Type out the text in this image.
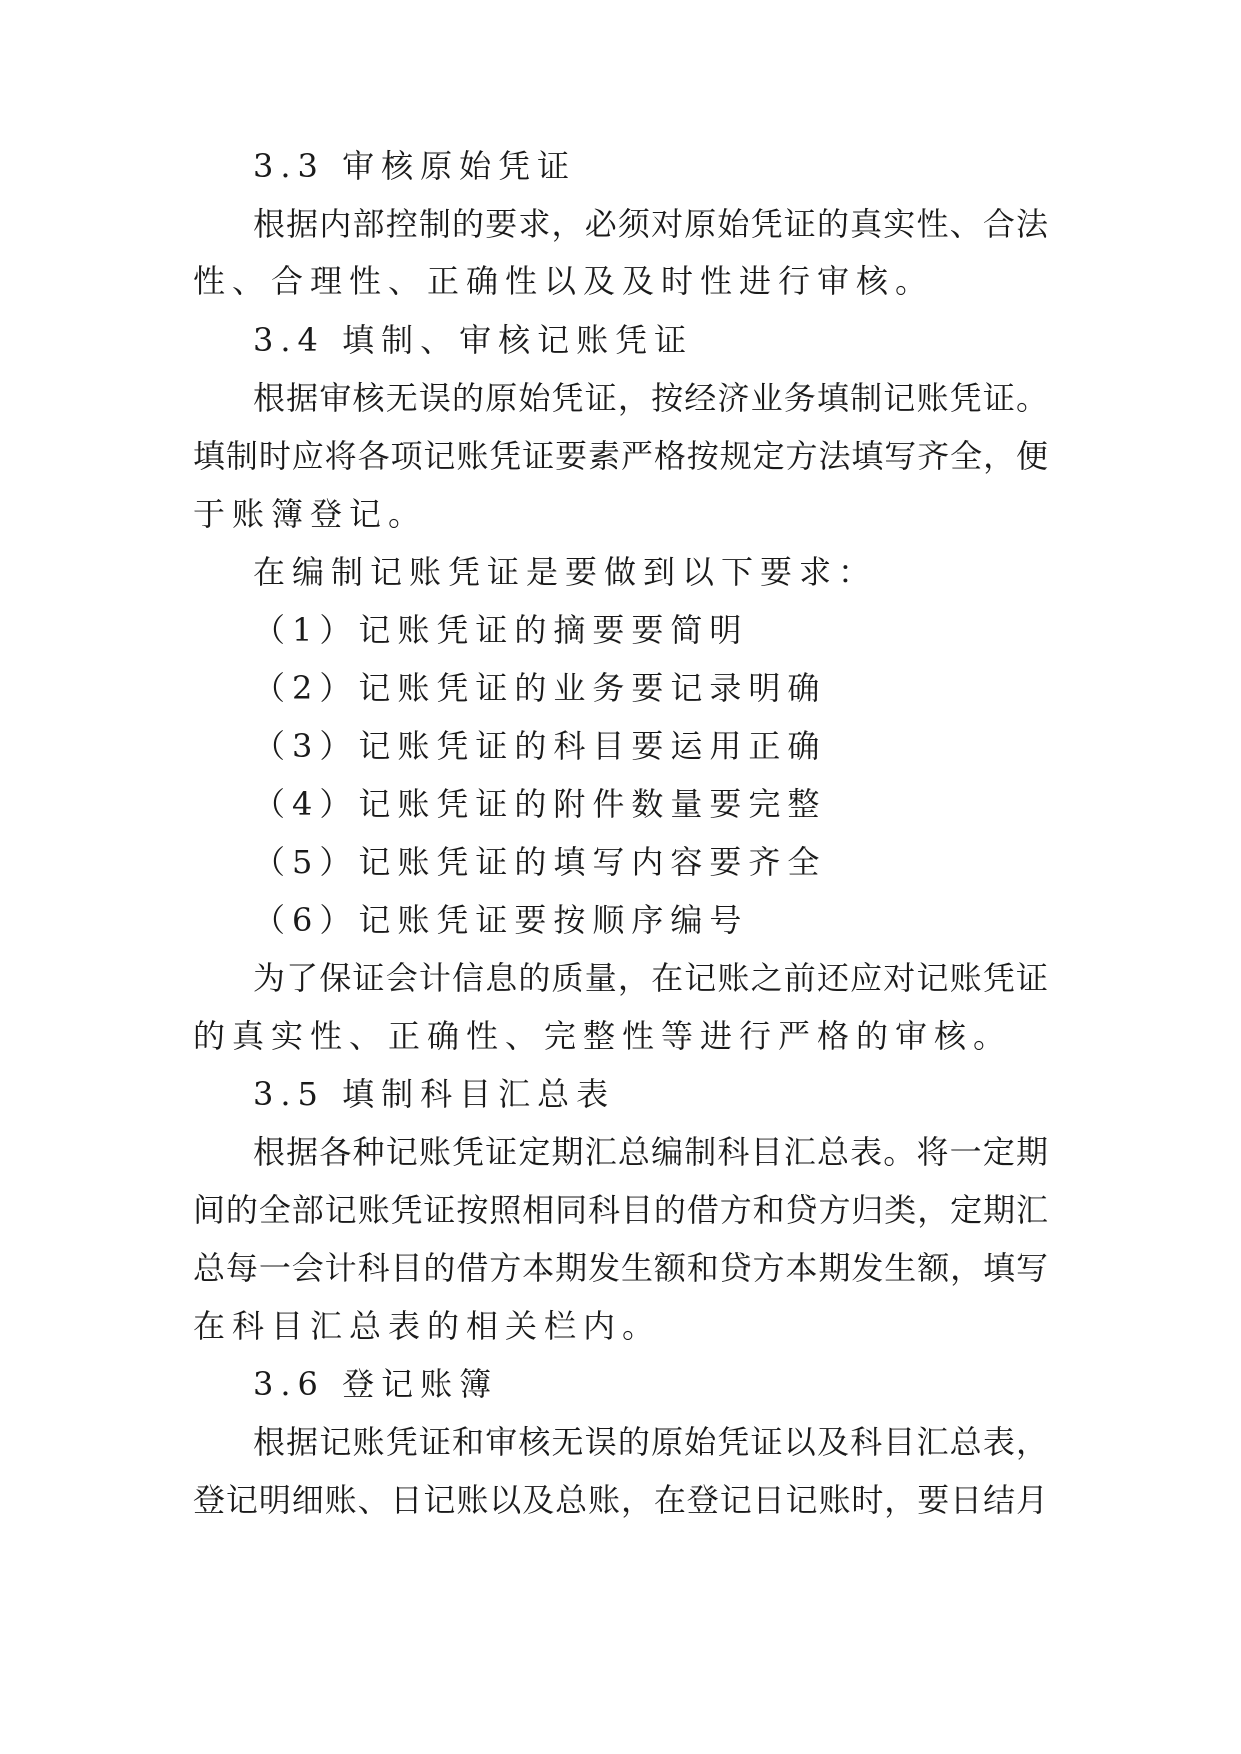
3.3 审核原始凭证
根据内部控制的要求，必须对原始凭证的真实性、合法
性、合理性、正确性以及及时性进行审核。
3.4 填制、审核记账凭证
根据审核无误的原始凭证，按经济业务填制记账凭证。
填制时应将各项记账凭证要素严格按规定方法填写齐全，便
于账簿登记。
在编制记账凭证是要做到以下要求：
（1）记账凭证的摘要要简明
（2）记账凭证的业务要记录明确
（3）记账凭证的科目要运用正确
（4）记账凭证的附件数量要完整
（5）记账凭证的填写内容要齐全
（6）记账凭证要按顺序编号
为了保证会计信息的质量，在记账之前还应对记账凭证
的真实性、正确性、完整性等进行严格的审核。
3.5 填制科目汇总表
根据各种记账凭证定期汇总编制科目汇总表。将一定期
间的全部记账凭证按照相同科目的借方和贷方归类，定期汇
总每一会计科目的借方本期发生额和贷方本期发生额，填写
在科目汇总表的相关栏内。
3.6 登记账簿
根据记账凭证和审核无误的原始凭证以及科目汇总表，
登记明细账、日记账以及总账，在登记日记账时，要日结月
